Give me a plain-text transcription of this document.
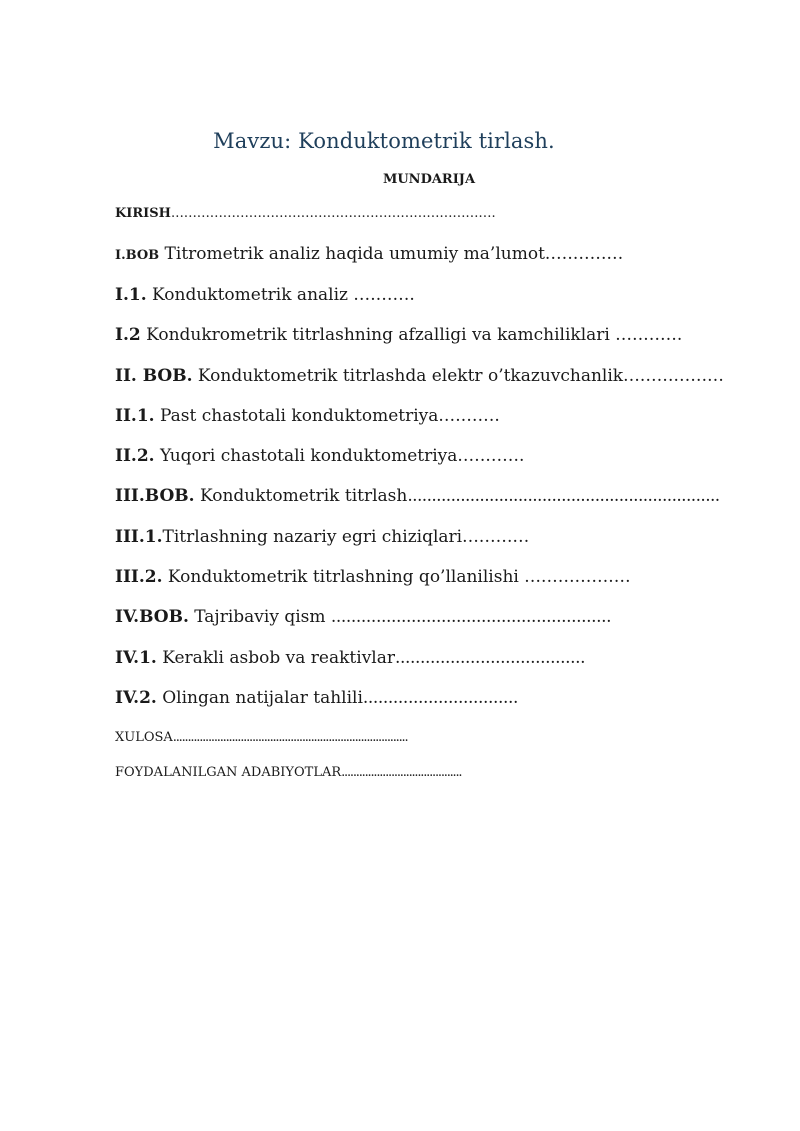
Mavzu: Konduktometrik tirlash.
MUNDARIJA
KIRISH...........................................................................
I.BOB Titrometrik analiz haqida umumiy ma’lumot..............
I.1. Konduktometrik analiz ...........
I.2 Kondukrometrik titrlashning afzalligi va kamchiliklari ............
II. BOB. Konduktometrik titrlashda elektr o’tkazuvchanlik..................
II.1. Past chastotali konduktometriya...........
II.2. Yuqori chastotali konduktometriya............
III.BOB. Konduktometrik titrlash.................................................................
III.1.Titrlashning nazariy egri chiziqlari............
III.2. Konduktometrik titrlashning qo’llanilishi ...................
IV.BOB. Tajribaviy qism ........................................................
IV.1. Kerakli asbob va reaktivlar......................................
IV.2. Olingan natijalar tahlili...............................
XULOSA................................................................................
FOYDALANILGAN ADABIYOTLAR.........................................
